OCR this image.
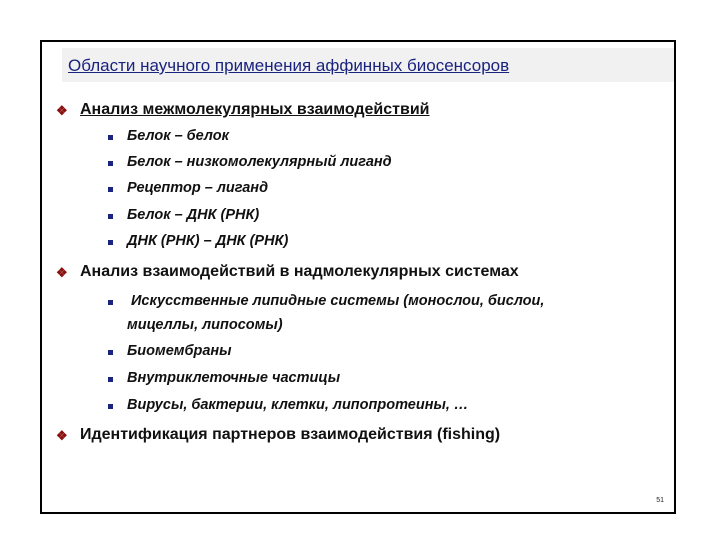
Области научного применения аффинных биосенсоров
❖ Анализ межмолекулярных взаимодействий

Белок – белок

Белок – низкомолекулярный лиганд

Рецептор – лиганд

Белок – ДНК (РНК)

ДНК (РНК) – ДНК (РНК)

❖ Анализ взаимодействий в надмолекулярных системах

Искусственные липидные системы (монослои, бислои,

мицеллы, липосомы)

Биомембраны

Внутриклеточные частицы

Вирусы, бактерии, клетки, липопротеины, …

❖ Идентификация партнеров взаимодействия (fishing)
51
